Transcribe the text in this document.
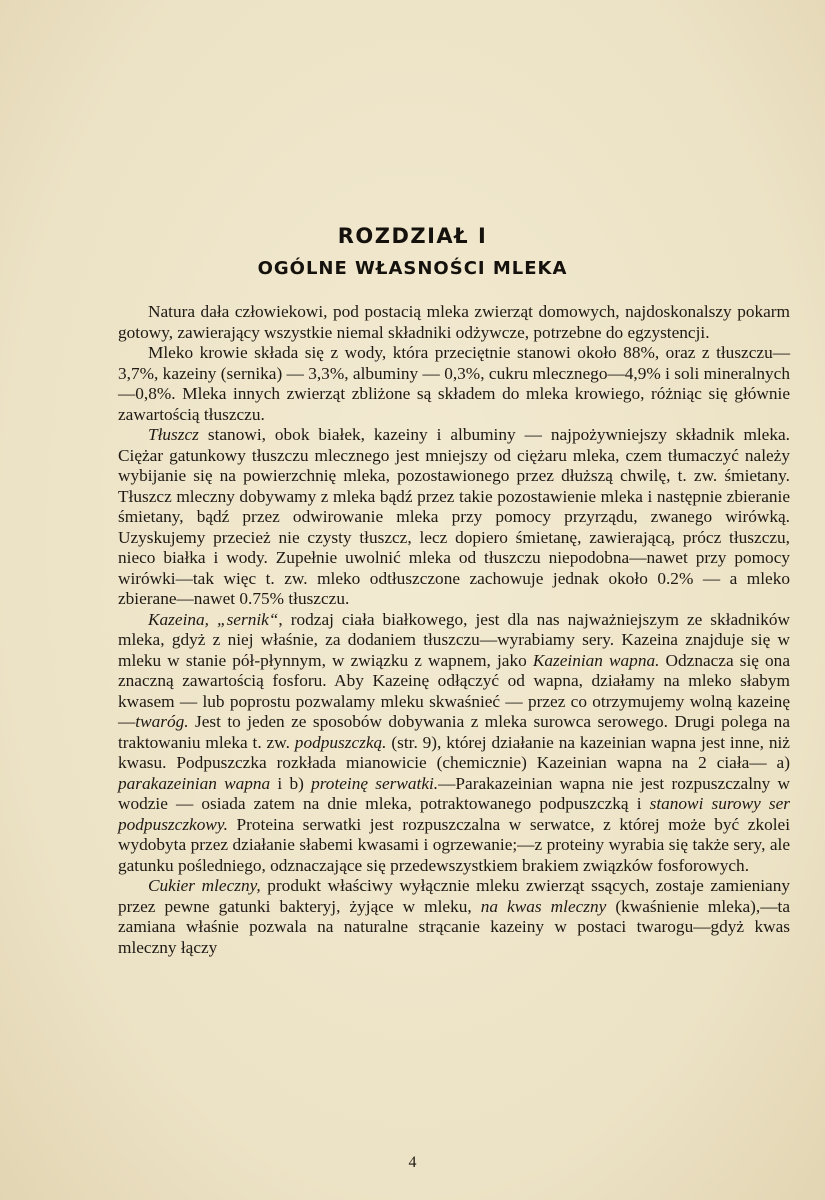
ROZDZIAŁ I
OGÓLNE WŁASNOŚCI MLEKA

Natura dała człowiekowi, pod postacią mleka zwierząt domowych, najdoskonalszy pokarm gotowy, zawierający wszystkie niemal składniki odżywcze, potrzebne do egzystencji.

Mleko krowie składa się z wody, która przeciętnie stanowi około 88%, oraz z tłuszczu—3,7%, kazeiny (sernika) — 3,3%, albuminy — 0,3%, cukru mlecznego—4,9% i soli mineralnych—0,8%. Mleka innych zwierząt zbliżone są składem do mleka krowiego, różniąc się głównie zawartością tłuszczu.

Tłuszcz stanowi, obok białek, kazeiny i albuminy — najpożywniejszy składnik mleka. Ciężar gatunkowy tłuszczu mlecznego jest mniejszy od ciężaru mleka, czem tłumaczyć należy wybijanie się na powierzchnię mleka, pozostawionego przez dłuższą chwilę, t. zw. śmietany. Tłuszcz mleczny dobywamy z mleka bądź przez takie pozostawienie mleka i następnie zbieranie śmietany, bądź przez odwirowanie mleka przy pomocy przyrządu, zwanego wirówką. Uzyskujemy przecież nie czysty tłuszcz, lecz dopiero śmietanę, zawierającą, prócz tłuszczu, nieco białka i wody. Zupełnie uwolnić mleka od tłuszczu niepodobna—nawet przy pomocy wirówki—tak więc t. zw. mleko odtłuszczone zachowuje jednak około 0.2% — a mleko zbierane—nawet 0.75% tłuszczu.

Kazeina, „sernik“, rodzaj ciała białkowego, jest dla nas najważniejszym ze składników mleka, gdyż z niej właśnie, za dodaniem tłuszczu—wyrabiamy sery. Kazeina znajduje się w mleku w stanie pół-płynnym, w związku z wapnem, jako Kazeinian wapna. Odznacza się ona znaczną zawartością fosforu. Aby Kazeinę odłączyć od wapna, działamy na mleko słabym kwasem — lub poprostu pozwalamy mleku skwaśnieć — przez co otrzymujemy wolną kazeinę—twaróg. Jest to jeden ze sposobów dobywania z mleka surowca serowego. Drugi polega na traktowaniu mleka t. zw. podpuszczką. (str. 9), której działanie na kazeinian wapna jest inne, niż kwasu. Podpuszczka rozkłada mianowicie (chemicznie) Kazeinian wapna na 2 ciała— a) parakazeinian wapna i b) proteinę serwatki.—Parakazeinian wapna nie jest rozpuszczalny w wodzie — osiada zatem na dnie mleka, potraktowanego podpuszczką i stanowi surowy ser podpuszczkowy. Proteina serwatki jest rozpuszczalna w serwatce, z której może być zkolei wydobyta przez działanie słabemi kwasami i ogrzewanie;—z proteiny wyrabia się także sery, ale gatunku pośledniego, odznaczające się przedewszystkiem brakiem związków fosforowych.

Cukier mleczny, produkt właściwy wyłącznie mleku zwierząt ssących, zostaje zamieniany przez pewne gatunki bakteryj, żyjące w mleku, na kwas mleczny (kwaśnienie mleka),—ta zamiana właśnie pozwala na naturalne strącanie kazeiny w postaci twarogu—gdyż kwas mleczny łączy

4
